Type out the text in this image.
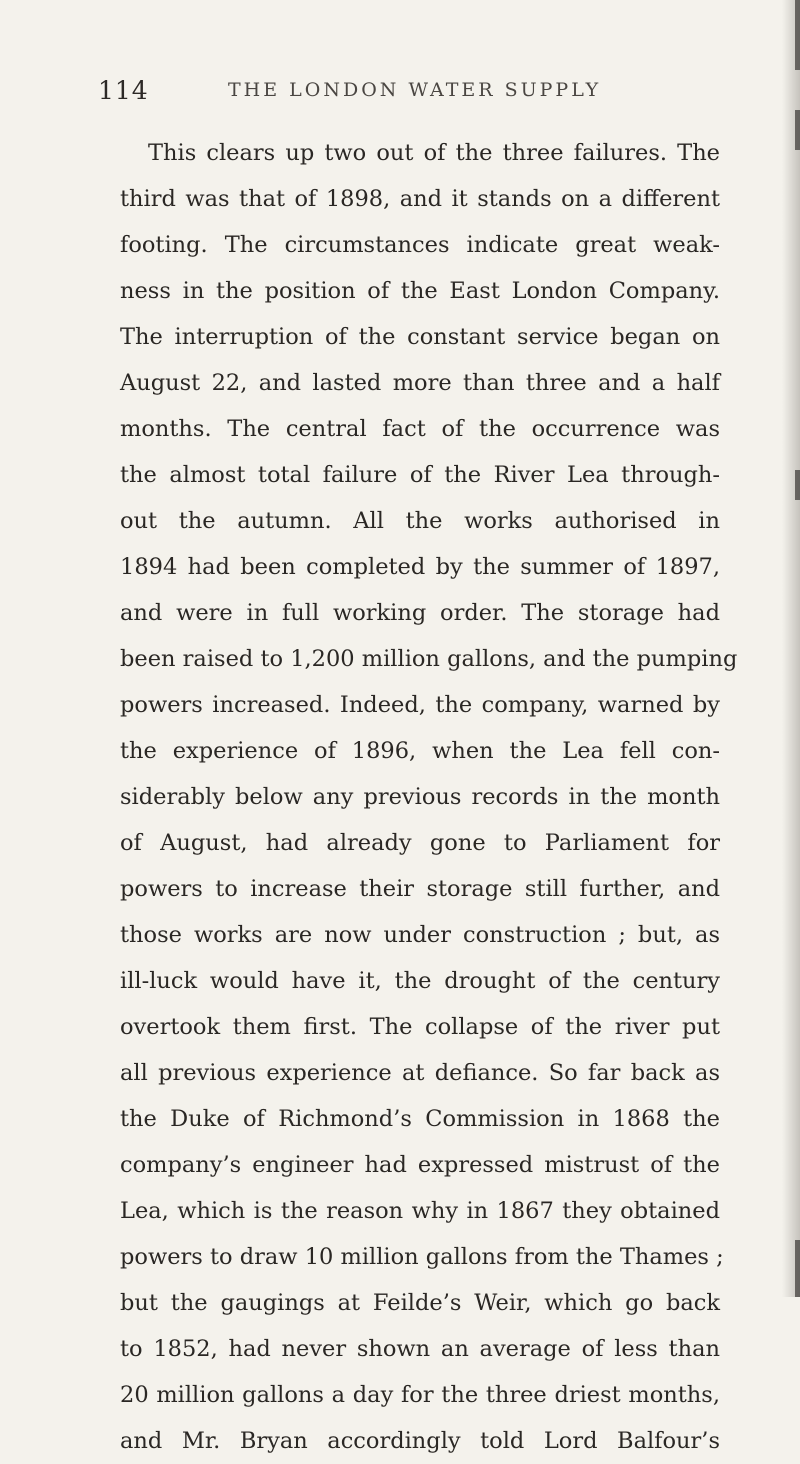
114	THE LONDON WATER SUPPLY
This clears up two out of the three failures. The
third was that of 1898, and it stands on a different
footing. The circumstances indicate great weak-
ness in the position of the East London Company.
The interruption of the constant service began on
August 22, and lasted more than three and a half
months. The central fact of the occurrence was
the almost total failure of the River Lea through-
out the autumn. All the works authorised in
1894 had been completed by the summer of 1897,
and were in full working order. The storage had
been raised to 1,200 million gallons, and the pumping
powers increased. Indeed, the company, warned by
the experience of 1896, when the Lea fell con-
siderably below any previous records in the month
of August, had already gone to Parliament for
powers to increase their storage still further, and
those works are now under construction ; but, as
ill-luck would have it, the drought of the century
overtook them first. The collapse of the river put
all previous experience at defiance. So far back as
the Duke of Richmond’s Commission in 1868 the
company’s engineer had expressed mistrust of the
Lea, which is the reason why in 1867 they obtained
powers to draw 10 million gallons from the Thames ;
but the gaugings at Feilde’s Weir, which go back
to 1852, had never shown an average of less than
20 million gallons a day for the three driest months,
and Mr. Bryan accordingly told Lord Balfour’s
